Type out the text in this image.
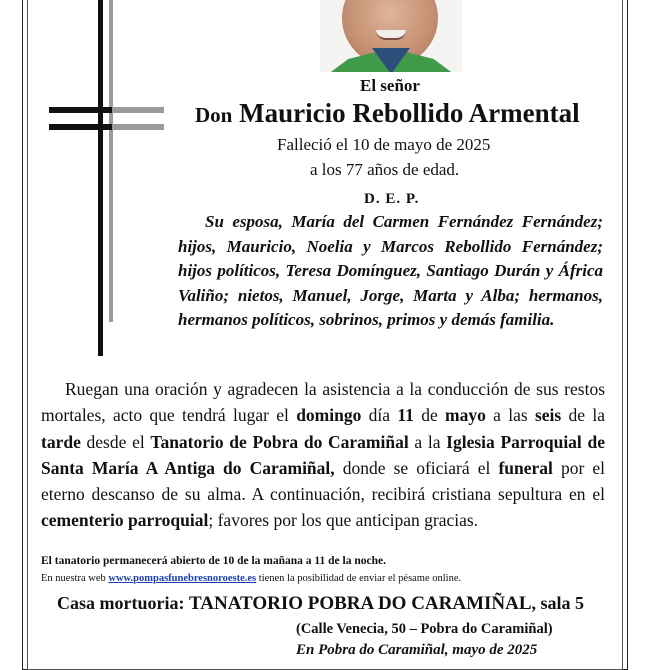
El señor
Don Mauricio Rebollido Armental
Falleció el 10 de mayo de 2025
a los 77 años de edad.
D. E. P.
Su esposa, María del Carmen Fernández Fernández; hijos, Mauricio, Noelia y Marcos Rebollido Fernández; hijos políticos, Teresa Domínguez, Santiago Durán y África Valiño; nietos, Manuel, Jorge, Marta y Alba; hermanos, hermanos políticos, sobrinos, primos y demás familia.
Ruegan una oración y agradecen la asistencia a la conducción de sus restos mortales, acto que tendrá lugar el domingo día 11 de mayo a las seis de la tarde desde el Tanatorio de Pobra do Caramiñal a la Iglesia Parroquial de Santa María A Antiga do Caramiñal, donde se oficiará el funeral por el eterno descanso de su alma. A continuación, recibirá cristiana sepultura en el cementerio parroquial; favores por los que anticipan gracias.
El tanatorio permanecerá abierto de 10 de la mañana a 11 de la noche.
En nuestra web www.pompasfunebresnoroeste.es tienen la posibilidad de enviar el pésame online.
Casa mortuoria: TANATORIO POBRA DO CARAMIÑAL, sala 5
(Calle Venecia, 50 – Pobra do Caramiñal)
En Pobra do Caramiñal, mayo de 2025
